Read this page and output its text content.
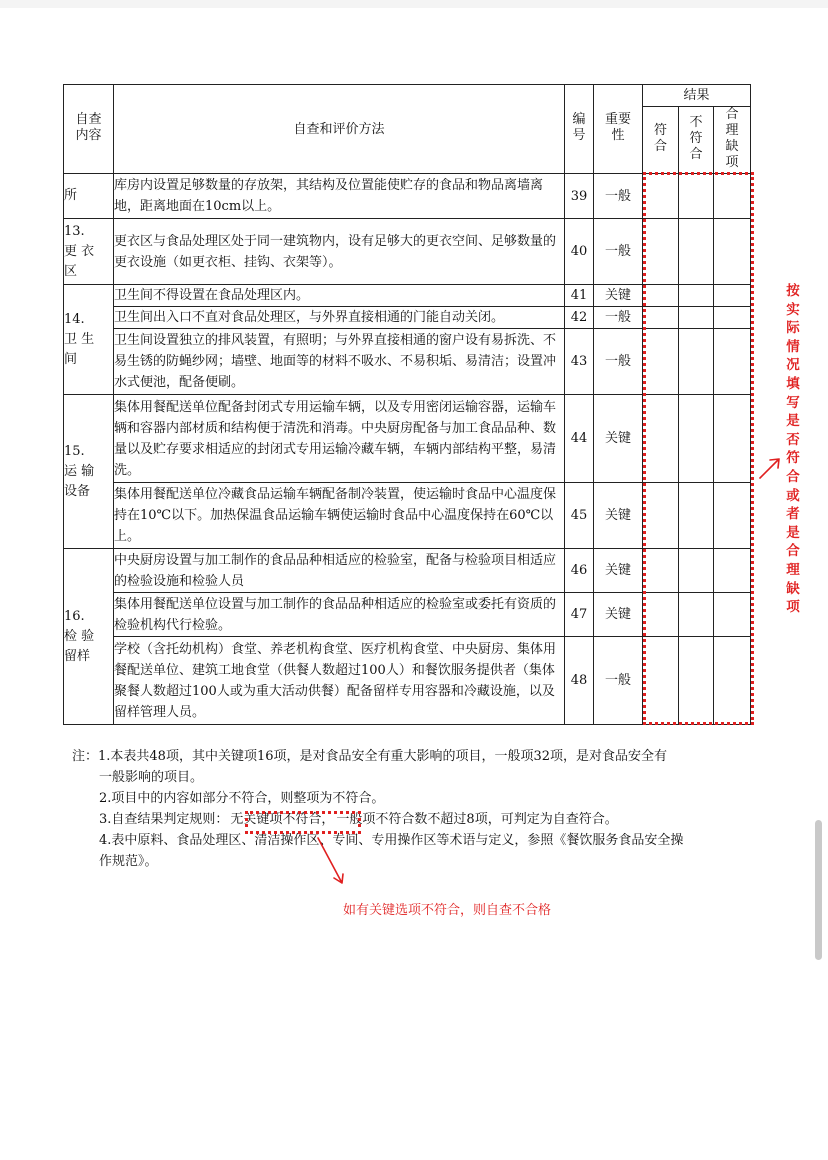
自查内容	自查和评价方法	编号	重要性	结果		
				符合	不符合	合理缺项
所	库房内设置足够数量的存放架，其结构及位置能使贮存的食品和物品离墙离地，距离地面在10cm以上。	39	一般			
13.
更 衣
区	更衣区与食品处理区处于同一建筑物内，设有足够大的更衣空间、足够数量的更衣设施（如更衣柜、挂钩、衣架等）。	40	一般			
14.
卫 生
间	卫生间不得设置在食品处理区内。	41	关键			
	卫生间出入口不直对食品处理区，与外界直接相通的门能自动关闭。	42	一般			
	卫生间设置独立的排风装置，有照明；与外界直接相通的窗户设有易拆洗、不易生锈的防蝇纱网；墙壁、地面等的材料不吸水、不易积垢、易清洁；设置冲水式便池，配备便刷。	43	一般			
15.
运 输
设备	集体用餐配送单位配备封闭式专用运输车辆，以及专用密闭运输容器，运输车辆和容器内部材质和结构便于清洗和消毒。中央厨房配备与加工食品品种、数量以及贮存要求相适应的封闭式专用运输冷藏车辆，车辆内部结构平整，易清洗。	44	关键			
	集体用餐配送单位冷藏食品运输车辆配备制冷装置，使运输时食品中心温度保持在10℃以下。加热保温食品运输车辆使运输时食品中心温度保持在60℃以上。	45	关键			
16.
检 验
留样	中央厨房设置与加工制作的食品品种相适应的检验室，配备与检验项目相适应的检验设施和检验人员	46	关键			
	集体用餐配送单位设置与加工制作的食品品种相适应的检验室或委托有资质的检验机构代行检验。	47	关键			
	学校（含托幼机构）食堂、养老机构食堂、医疗机构食堂、中央厨房、集体用餐配送单位、建筑工地食堂（供餐人数超过100人）和餐饮服务提供者（集体聚餐人数超过100人或为重大活动供餐）配备留样专用容器和冷藏设施，以及留样管理人员。	48	一般			
按实际情况填写是否符合或者是合理缺项
注：1.本表共48项，其中关键项16项，是对食品安全有重大影响的项目，一般项32项，是对食品安全有
一般影响的项目。
2.项目中的内容如部分不符合，则整项为不符合。
3.自查结果判定规则： 无关键项不符合， 一般项不符合数不超过8项，可判定为自查符合。
4.表中原料、食品处理区、清洁操作区、专间、专用操作区等术语与定义，参照《餐饮服务食品安全操
作规范》。
如有关键选项不符合，则自查不合格
